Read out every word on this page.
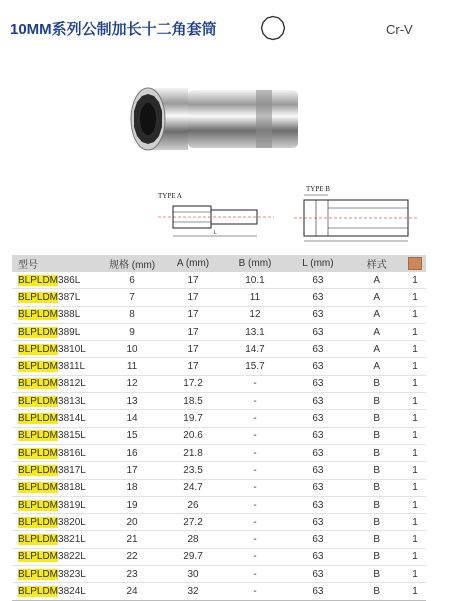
10MM系列公制加长十二角套筒	Cr-V
TYPE A
L
TYPE B
型号	规格 (mm)	A (mm)	B (mm)	L (mm)	样式	
BLPLDM386L	6	17	10.1	63	A	1
BLPLDM387L	7	17	11	63	A	1
BLPLDM388L	8	17	12	63	A	1
BLPLDM389L	9	17	13.1	63	A	1
BLPLDM3810L	10	17	14.7	63	A	1
BLPLDM3811L	11	17	15.7	63	A	1
BLPLDM3812L	12	17.2	-	63	B	1
BLPLDM3813L	13	18.5	-	63	B	1
BLPLDM3814L	14	19.7	-	63	B	1
BLPLDM3815L	15	20.6	-	63	B	1
BLPLDM3816L	16	21.8	-	63	B	1
BLPLDM3817L	17	23.5	-	63	B	1
BLPLDM3818L	18	24.7	-	63	B	1
BLPLDM3819L	19	26	-	63	B	1
BLPLDM3820L	20	27.2	-	63	B	1
BLPLDM3821L	21	28	-	63	B	1
BLPLDM3822L	22	29.7	-	63	B	1
BLPLDM3823L	23	30	-	63	B	1
BLPLDM3824L	24	32	-	63	B	1
